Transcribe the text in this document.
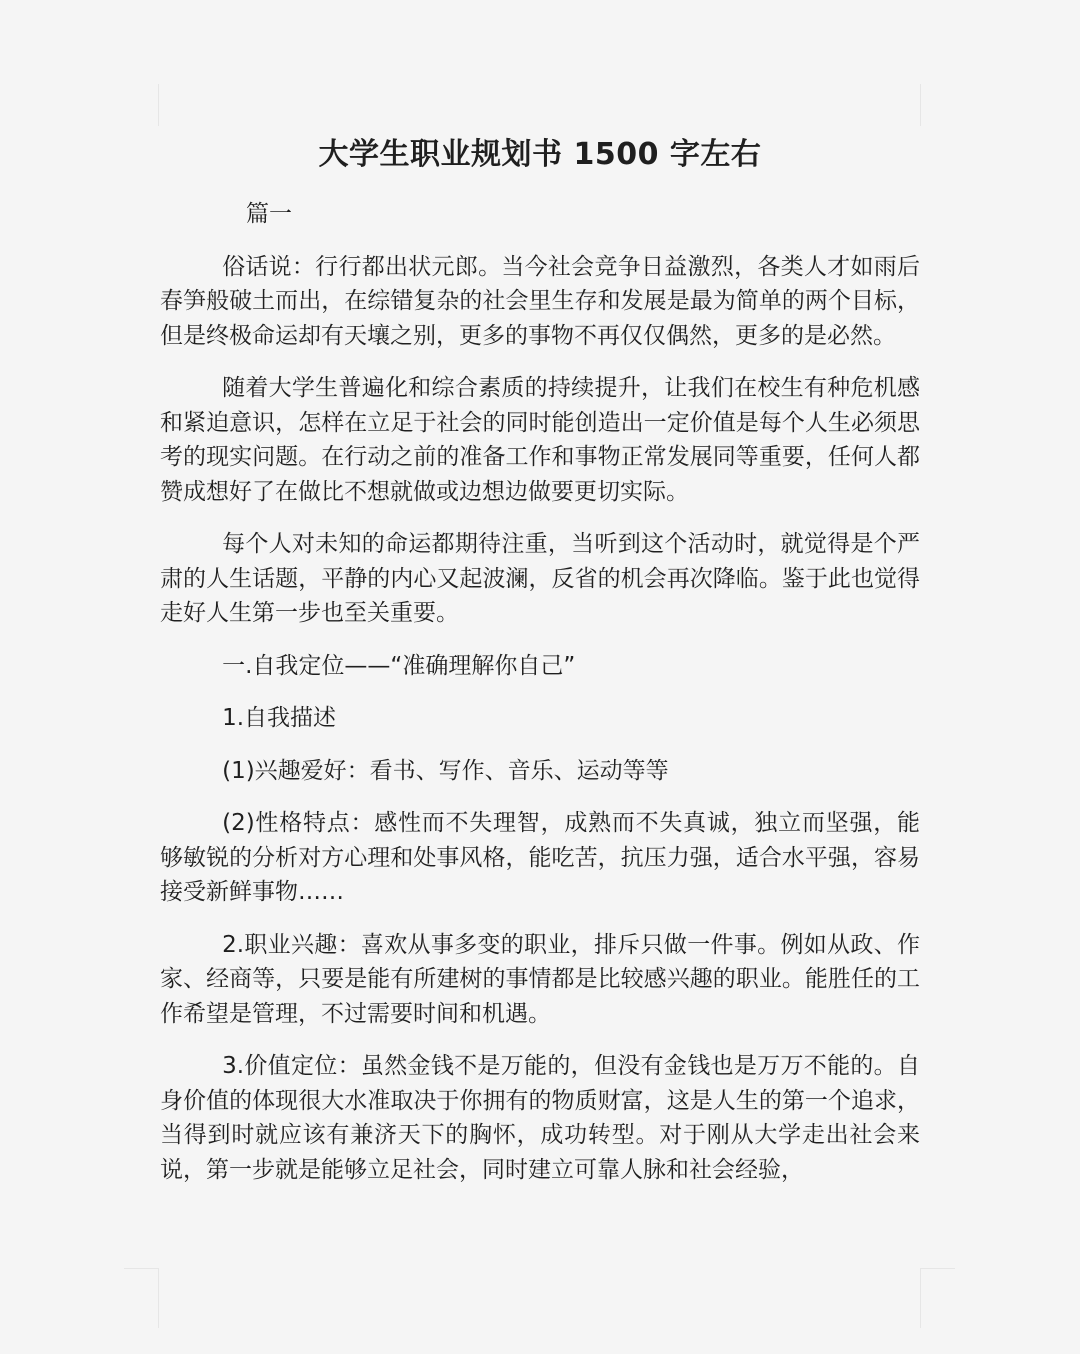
大学生职业规划书 1500 字左右

篇一

俗话说：行行都出状元郎。当今社会竞争日益激烈，各类人才如雨后春笋般破土而出，在综错复杂的社会里生存和发展是最为简单的两个目标，但是终极命运却有天壤之别，更多的事物不再仅仅偶然，更多的是必然。

随着大学生普遍化和综合素质的持续提升，让我们在校生有种危机感和紧迫意识，怎样在立足于社会的同时能创造出一定价值是每个人生必须思考的现实问题。在行动之前的准备工作和事物正常发展同等重要，任何人都赞成想好了在做比不想就做或边想边做要更切实际。

每个人对未知的命运都期待注重，当听到这个活动时，就觉得是个严肃的人生话题，平静的内心又起波澜，反省的机会再次降临。鉴于此也觉得走好人生第一步也至关重要。

一.自我定位——“准确理解你自己”

1.自我描述

(1)兴趣爱好：看书、写作、音乐、运动等等

(2)性格特点：感性而不失理智，成熟而不失真诚，独立而坚强，能够敏锐的分析对方心理和处事风格，能吃苦，抗压力强，适合水平强，容易接受新鲜事物……

2.职业兴趣：喜欢从事多变的职业，排斥只做一件事。例如从政、作家、经商等，只要是能有所建树的事情都是比较感兴趣的职业。能胜任的工作希望是管理，不过需要时间和机遇。

3.价值定位：虽然金钱不是万能的，但没有金钱也是万万不能的。自身价值的体现很大水准取决于你拥有的物质财富，这是人生的第一个追求，当得到时就应该有兼济天下的胸怀，成功转型。对于刚从大学走出社会来说，第一步就是能够立足社会，同时建立可靠人脉和社会经验，
